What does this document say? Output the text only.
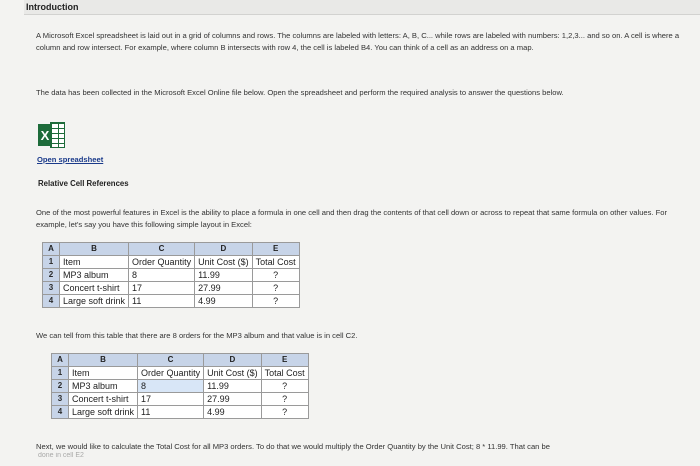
Introduction
A Microsoft Excel spreadsheet is laid out in a grid of columns and rows. The columns are labeled with letters: A, B, C... while rows are labeled with numbers: 1,2,3... and so on. A cell is where a column and row intersect. For example, where column B intersects with row 4, the cell is labeled B4. You can think of a cell as an address on a map.
The data has been collected in the Microsoft Excel Online file below. Open the spreadsheet and perform the required analysis to answer the questions below.
X
Open spreadsheet
Relative Cell References
One of the most powerful features in Excel is the ability to place a formula in one cell and then drag the contents of that cell down or across to repeat that same formula on other values. For example, let's say you have this following simple layout in Excel:
A	B	C	D	E
1	Item	Order Quantity	Unit Cost ($)	Total Cost
2	MP3 album	8	11.99	?
3	Concert t-shirt	17	27.99	?
4	Large soft drink	11	4.99	?
We can tell from this table that there are 8 orders for the MP3 album and that value is in cell C2.
A	B	C	D	E
1	Item	Order Quantity	Unit Cost ($)	Total Cost
2	MP3 album	8	11.99	?
3	Concert t-shirt	17	27.99	?
4	Large soft drink	11	4.99	?
Next, we would like to calculate the Total Cost for all MP3 orders. To do that we would multiply the Order Quantity by the Unit Cost; 8 * 11.99. That can be
done in cell E2
